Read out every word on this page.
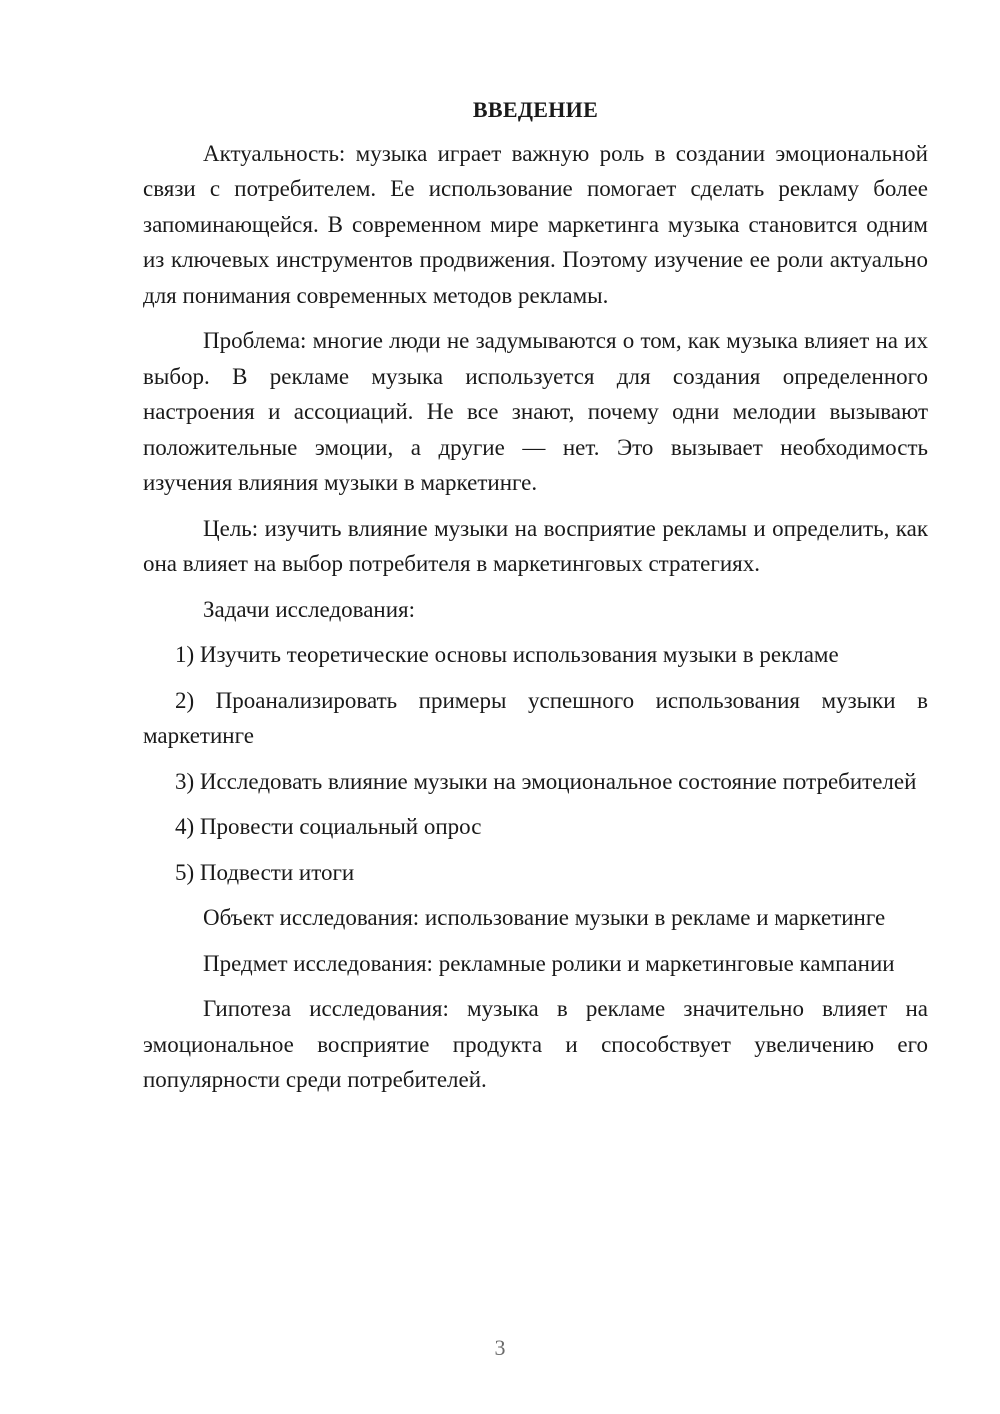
ВВЕДЕНИЕ

Актуальность: музыка играет важную роль в создании эмоциональной связи с потребителем. Ее использование помогает сделать рекламу более запоминающейся. В современном мире маркетинга музыка становится одним из ключевых инструментов продвижения. Поэтому изучение ее роли актуально для понимания современных методов рекламы.

Проблема: многие люди не задумываются о том, как музыка влияет на их выбор. В рекламе музыка используется для создания определенного настроения и ассоциаций. Не все знают, почему одни мелодии вызывают положительные эмоции, а другие — нет. Это вызывает необходимость изучения влияния музыки в маркетинге.

Цель: изучить влияние музыки на восприятие рекламы и определить, как она влияет на выбор потребителя в маркетинговых стратегиях.

Задачи исследования:

1) Изучить теоретические основы использования музыки в рекламе

2) Проанализировать примеры успешного использования музыки в маркетинге

3) Исследовать влияние музыки на эмоциональное состояние потребителей

4) Провести социальный опрос

5) Подвести итоги

Объект исследования: использование музыки в рекламе и маркетинге

Предмет исследования: рекламные ролики и маркетинговые кампании

Гипотеза исследования: музыка в рекламе значительно влияет на эмоциональное восприятие продукта и способствует увеличению его популярности среди потребителей.

3
